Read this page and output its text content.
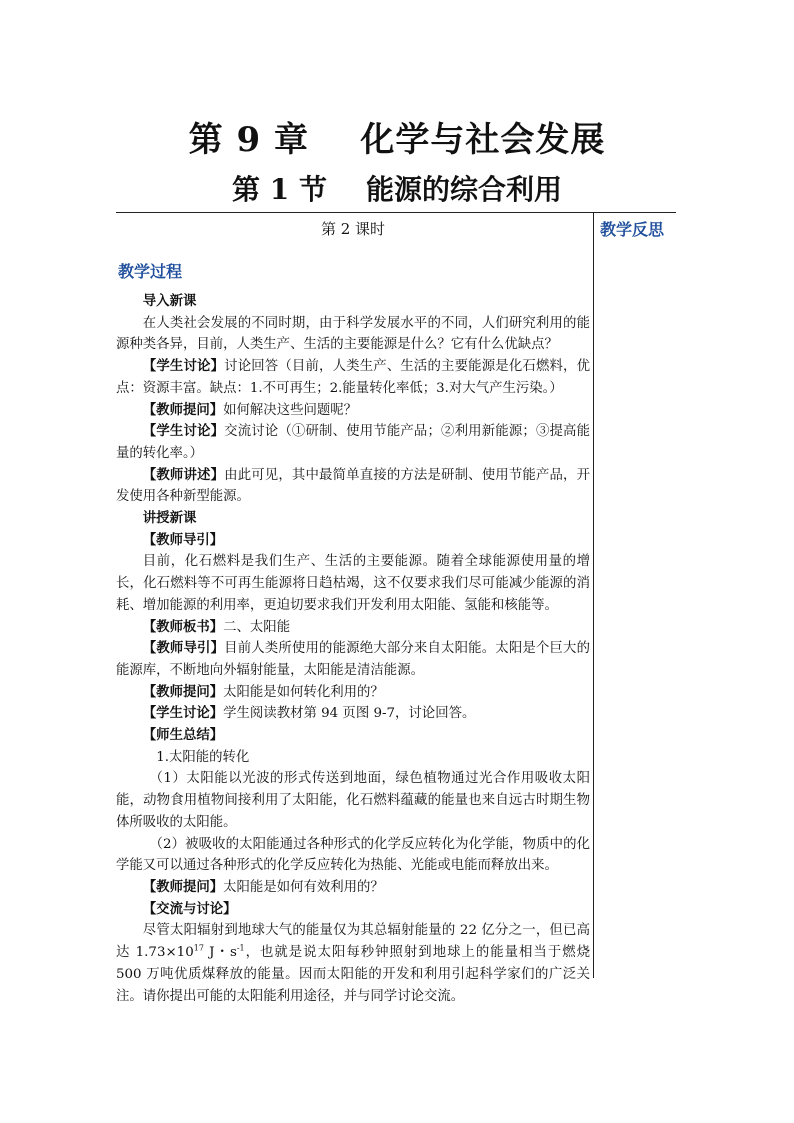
第 9 章    化学与社会发展
第 1 节    能源的综合利用
教学反思

第 2 课时

教学过程

导入新课

在人类社会发展的不同时期，由于科学发展水平的不同，人们研究利用的能源种类各异，目前，人类生产、生活的主要能源是什么？它有什么优缺点？

【学生讨论】讨论回答（目前，人类生产、生活的主要能源是化石燃料，优点：资源丰富。缺点：1.不可再生；2.能量转化率低；3.对大气产生污染。）

【教师提问】如何解决这些问题呢？

【学生讨论】交流讨论（①研制、使用节能产品；②利用新能源；③提高能量的转化率。）

【教师讲述】由此可见，其中最简单直接的方法是研制、使用节能产品，开发使用各种新型能源。

讲授新课

【教师导引】

目前，化石燃料是我们生产、生活的主要能源。随着全球能源使用量的增长，化石燃料等不可再生能源将日趋枯竭，这不仅要求我们尽可能减少能源的消耗、增加能源的利用率，更迫切要求我们开发利用太阳能、氢能和核能等。

【教师板书】二、太阳能

【教师导引】目前人类所使用的能源绝大部分来自太阳能。太阳是个巨大的能源库，不断地向外辐射能量，太阳能是清洁能源。

【教师提问】太阳能是如何转化利用的？

【学生讨论】学生阅读教材第 94 页图 9-7，讨论回答。

【师生总结】

1.太阳能的转化

（1）太阳能以光波的形式传送到地面，绿色植物通过光合作用吸收太阳能，动物食用植物间接利用了太阳能，化石燃料蕴藏的能量也来自远古时期生物体所吸收的太阳能。

（2）被吸收的太阳能通过各种形式的化学反应转化为化学能，物质中的化学能又可以通过各种形式的化学反应转化为热能、光能或电能而释放出来。

【教师提问】太阳能是如何有效利用的？

【交流与讨论】

尽管太阳辐射到地球大气的能量仅为其总辐射能量的 22 亿分之一，但已高达 $1.73\times 10^{17}$ J・$s^{-1}$，也就是说太阳每秒钟照射到地球上的能量相当于燃烧 500 万吨优质煤释放的能量。因而太阳能的开发和利用引起科学家们的广泛关注。请你提出可能的太阳能利用途径，并与同学讨论交流。
